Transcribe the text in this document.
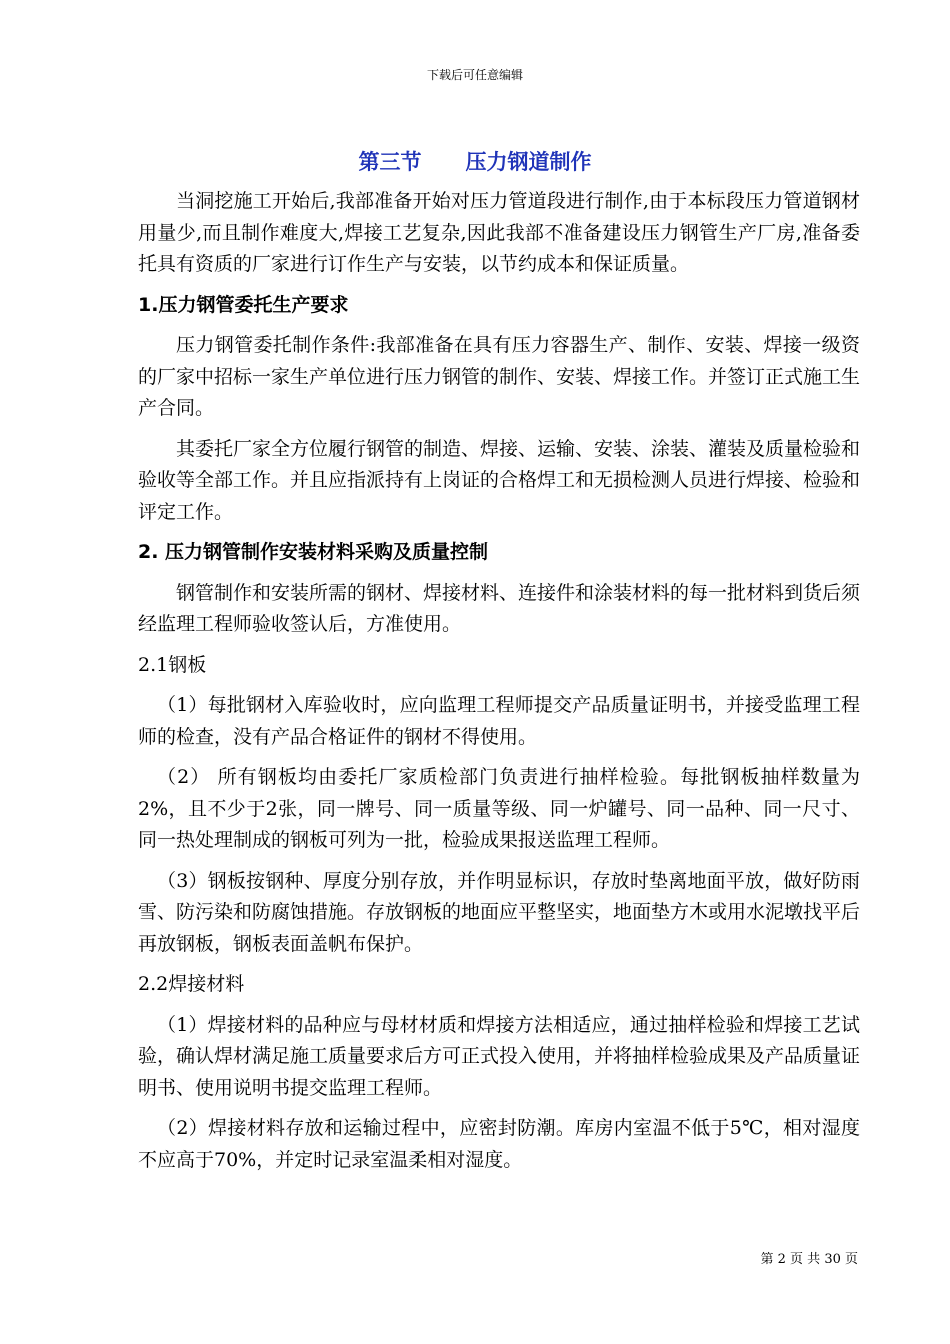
下载后可任意编辑
第三节 压力钢道制作

当洞挖施工开始后,我部准备开始对压力管道段进行制作,由于本标段压力管道钢材用量少,而且制作难度大,焊接工艺复杂,因此我部不准备建设压力钢管生产厂房,准备委托具有资质的厂家进行订作生产与安装，以节约成本和保证质量。

1.压力钢管委托生产要求

压力钢管委托制作条件:我部准备在具有压力容器生产、制作、安装、焊接一级资的厂家中招标一家生产单位进行压力钢管的制作、安装、焊接工作。并签订正式施工生产合同。

其委托厂家全方位履行钢管的制造、焊接、运输、安装、涂装、灌装及质量检验和验收等全部工作。并且应指派持有上岗证的合格焊工和无损检测人员进行焊接、检验和评定工作。

2. 压力钢管制作安装材料采购及质量控制

钢管制作和安装所需的钢材、焊接材料、连接件和涂装材料的每一批材料到货后须经监理工程师验收签认后，方准使用。

2.1钢板

（1）每批钢材入库验收时，应向监理工程师提交产品质量证明书，并接受监理工程师的检查，没有产品合格证件的钢材不得使用。

（2） 所有钢板均由委托厂家质检部门负责进行抽样检验。每批钢板抽样数量为2%，且不少于2张，同一牌号、同一质量等级、同一炉罐号、同一品种、同一尺寸、同一热处理制成的钢板可列为一批，检验成果报送监理工程师。

（3）钢板按钢种、厚度分别存放，并作明显标识，存放时垫离地面平放，做好防雨雪、防污染和防腐蚀措施。存放钢板的地面应平整坚实，地面垫方木或用水泥墩找平后再放钢板，钢板表面盖帆布保护。

2.2焊接材料

（1）焊接材料的品种应与母材材质和焊接方法相适应，通过抽样检验和焊接工艺试验，确认焊材满足施工质量要求后方可正式投入使用，并将抽样检验成果及产品质量证明书、使用说明书提交监理工程师。

（2）焊接材料存放和运输过程中，应密封防潮。库房内室温不低于5℃，相对湿度不应高于70%，并定时记录室温柔相对湿度。

第 2 页 共 30 页
